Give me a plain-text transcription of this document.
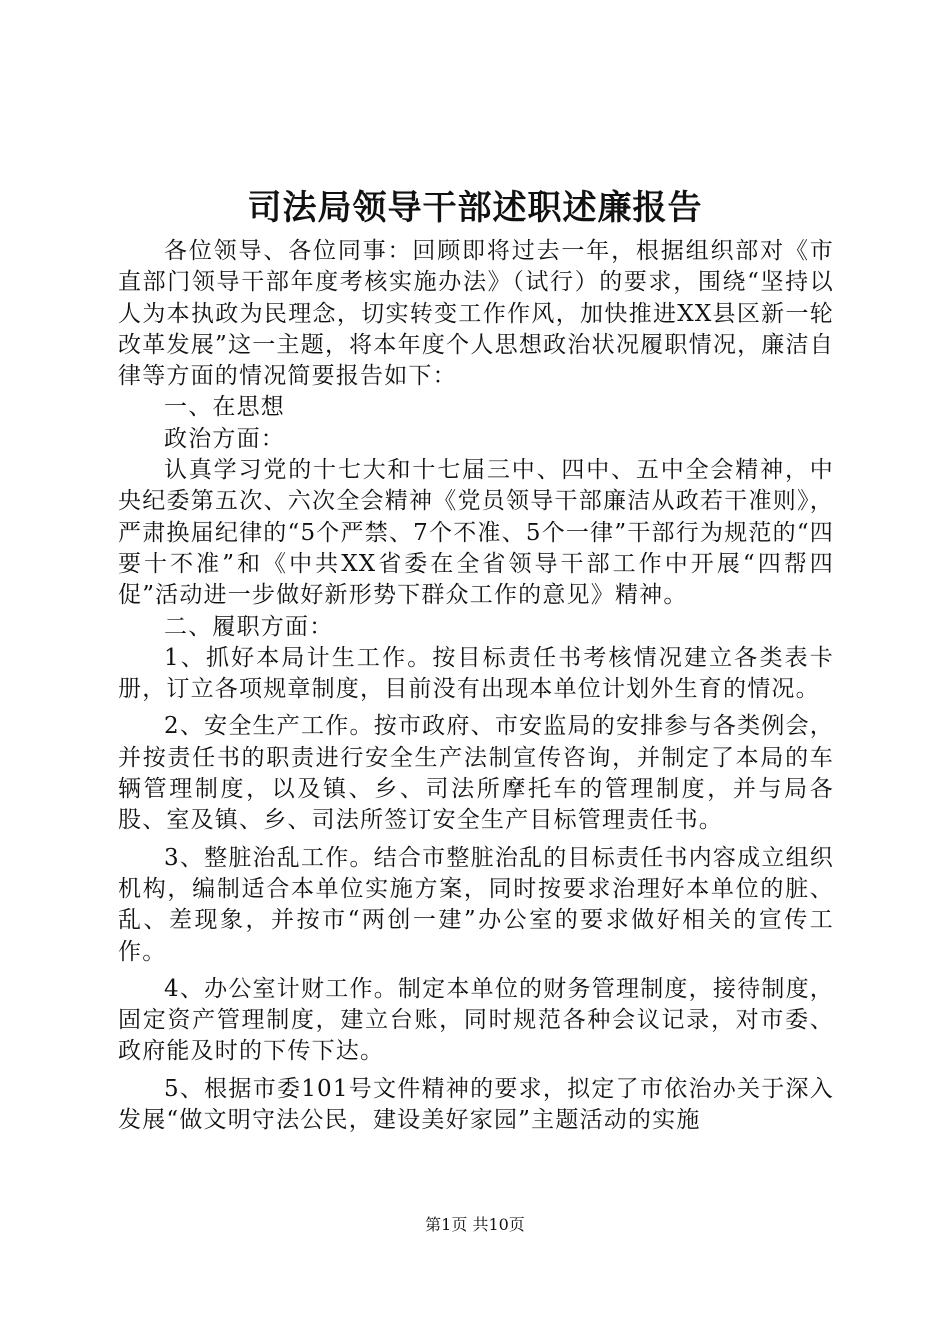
司法局领导干部述职述廉报告

各位领导、各位同事：回顾即将过去一年，根据组织部对《市直部门领导干部年度考核实施办法》（试行）的要求，围绕“坚持以人为本执政为民理念，切实转变工作作风，加快推进XX县区新一轮改革发展”这一主题，将本年度个人思想政治状况履职情况，廉洁自律等方面的情况简要报告如下：

一、在思想

政治方面：

认真学习党的十七大和十七届三中、四中、五中全会精神，中央纪委第五次、六次全会精神《党员领导干部廉洁从政若干准则》，严肃换届纪律的“5个严禁、7个不准、5个一律”干部行为规范的“四要十不准”和《中共XX省委在全省领导干部工作中开展“四帮四促”活动进一步做好新形势下群众工作的意见》精神。

二、履职方面：

1、抓好本局计生工作。按目标责任书考核情况建立各类表卡册，订立各项规章制度，目前没有出现本单位计划外生育的情况。

2、安全生产工作。按市政府、市安监局的安排参与各类例会，并按责任书的职责进行安全生产法制宣传咨询，并制定了本局的车辆管理制度，以及镇、乡、司法所摩托车的管理制度，并与局各股、室及镇、乡、司法所签订安全生产目标管理责任书。

3、整脏治乱工作。结合市整脏治乱的目标责任书内容成立组织机构，编制适合本单位实施方案，同时按要求治理好本单位的脏、乱、差现象，并按市“两创一建”办公室的要求做好相关的宣传工作。

4、办公室计财工作。制定本单位的财务管理制度，接待制度，固定资产管理制度，建立台账，同时规范各种会议记录，对市委、政府能及时的下传下达。

5、根据市委101号文件精神的要求，拟定了市依治办关于深入发展“做文明守法公民，建设美好家园”主题活动的实施

第1页 共10页
